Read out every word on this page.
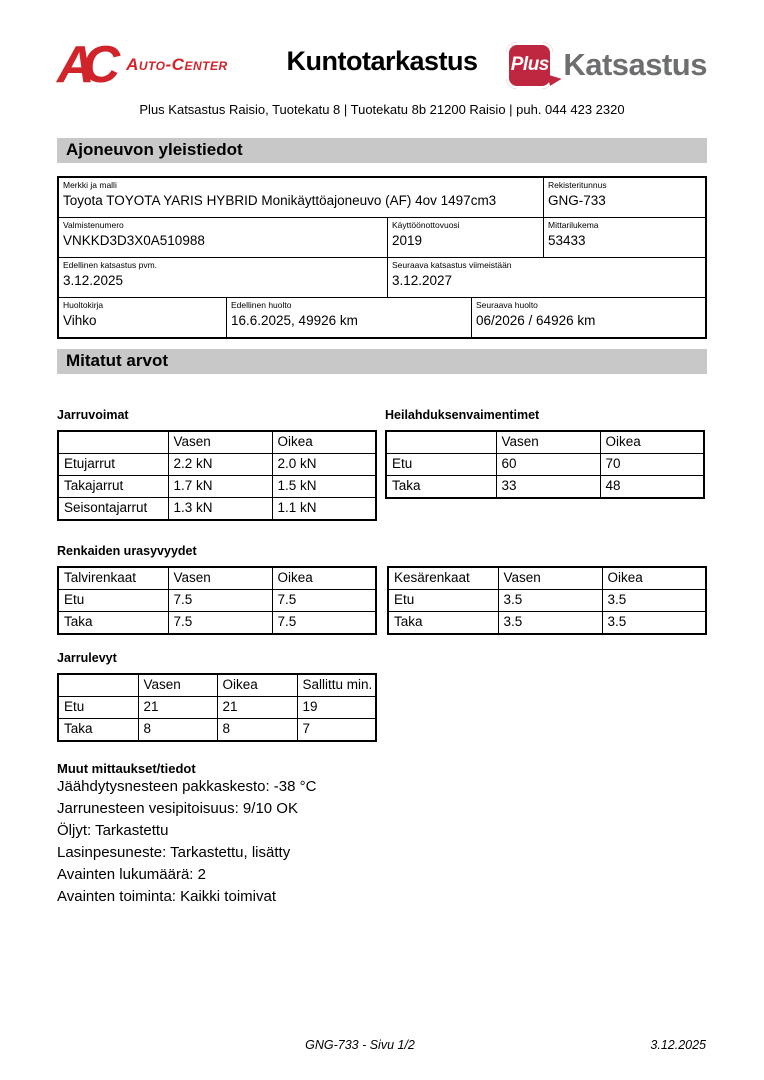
AC	Auto-Center Kuntotarkastus Plus Katsastus
Plus Katsastus Raisio, Tuotekatu 8 | Tuotekatu 8b 21200 Raisio | puh. 044 423 2320
Ajoneuvon yleistiedot
Merkki ja malli
Toyota TOYOTA YARIS HYBRID Monikäyttöajoneuvo (AF) 4ov 1497cm3
Rekisteritunnus
GNG-733
Valmistenumero
VNKKD3D3X0A510988
Käyttöönottovuosi
2019
Mittarilukema
53433
Edellinen katsastus pvm.
3.12.2025
Seuraava katsastus viimeistään
3.12.2027
Huoltokirja
Vihko
Edellinen huolto
16.6.2025, 49926 km
Seuraava huolto
06/2026 / 64926 km
Mitatut arvot
Jarruvoimat
	Vasen	Oikea
Etujarrut	2.2 kN	2.0 kN
Takajarrut	1.7 kN	1.5 kN
Seisontajarrut	1.3 kN	1.1 kN
Heilahduksenvaimentimet
	Vasen	Oikea
Etu	60	70
Taka	33	48
Renkaiden urasyvyydet
Talvirenkaat	Vasen	Oikea
Etu	7.5	7.5
Taka	7.5	7.5
Kesärenkaat	Vasen	Oikea
Etu	3.5	3.5
Taka	3.5	3.5
Jarrulevyt
	Vasen	Oikea	Sallittu min.
Etu	21	21	19
Taka	8	8	7
Muut mittaukset/tiedot
Jäähdytysnesteen pakkaskesto: -38 °C
Jarrunesteen vesipitoisuus: 9/10 OK
Öljyt: Tarkastettu
Lasinpesuneste: Tarkastettu, lisätty
Avainten lukumäärä: 2
Avainten toiminta: Kaikki toimivat
GNG-733 - Sivu 1/2	3.12.2025
